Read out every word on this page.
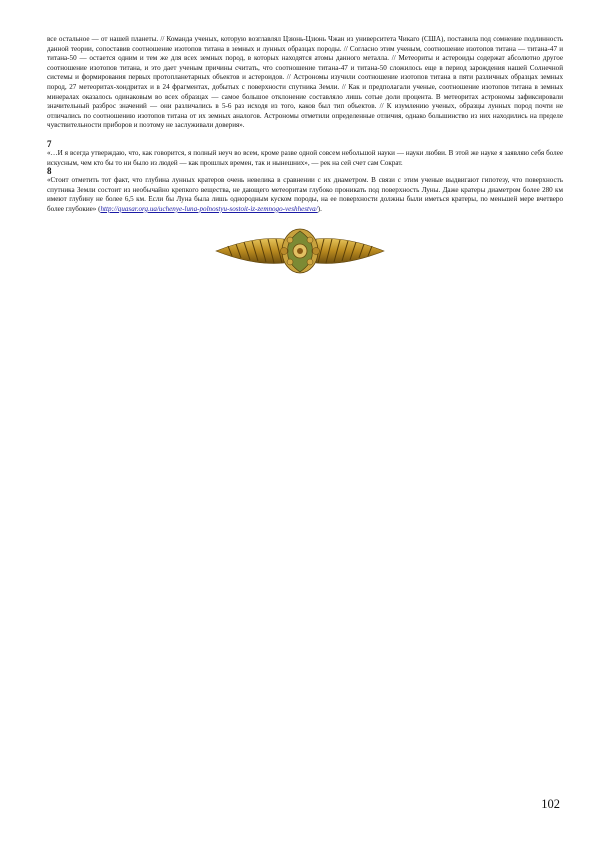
все остальное — от нашей планеты. // Команда ученых, которую возглавлял Цзюнь-Цзюнь Чжан из университета Чикаго (США), поставила под сомнение подлинность данной теории, сопоставив соотношение изотопов титана в земных и лунных образцах породы. // Согласно этим ученым, соотношение изотопов титана — титана-47 и титана-50 — остается одним и тем же для всех земных пород, в которых находятся атомы данного металла. // Метеориты и астероиды содержат абсолютно другое соотношение изотопов титана, и это дает ученым причины считать, что соотношение титана-47 и титана-50 сложилось еще в период зарождения нашей Солнечной системы и формирования первых протопланетарных объектов и астероидов. // Астрономы изучили соотношение изотопов титана в пяти различных образцах земных пород, 27 метеоритах-хондритах и в 24 фрагментах, добытых с поверхности спутника Земли. // Как и предполагали ученые, соотношение изотопов титана в земных минералах оказалось одинаковым во всех образцах — самое большое отклонение составляло лишь сотые доли процента. В метеоритах астрономы зафиксировали значительный разброс значений — они различались в 5-6 раз исходя из того, каков был тип объектов. // К изумлению ученых, образцы лунных пород почти не отличались по соотношению изотопов титана от их земных аналогов. Астрономы отметили определенные отличия, однако большинство из них находились на пределе чувствительности приборов и поэтому не заслуживали доверия».

7
«…И я всегда утверждаю, что, как говорится, я полный неуч во всем, кроме разве одной совсем небольшой науки — науки любви. В этой же науке я заявляю себя более искусным, чем кто бы то ни было из людей — как прошлых времен, так и нынешних», — рек на сей счет сам Сократ.
8
«Стоит отметить тот факт, что глубина лунных кратеров очень невелика в сравнении с их диаметром. В связи с этим ученые выдвигают гипотезу, что поверхность спутника Земли состоит из необычайно крепкого вещества, не дающего метеоритам глубоко проникать под поверхность Луны. Даже кратеры диаметром более 280 км имеют глубину не более 6,5 км. Если бы Луна была лишь однородным куском породы, на ее поверхности должны были иметься кратеры, по меньшей мере вчетверо более глубокие» (http://quasar.org.ua/uchenye-luna-polnostyu-sostoit-iz-zemnogo-veshhestva/).
102
